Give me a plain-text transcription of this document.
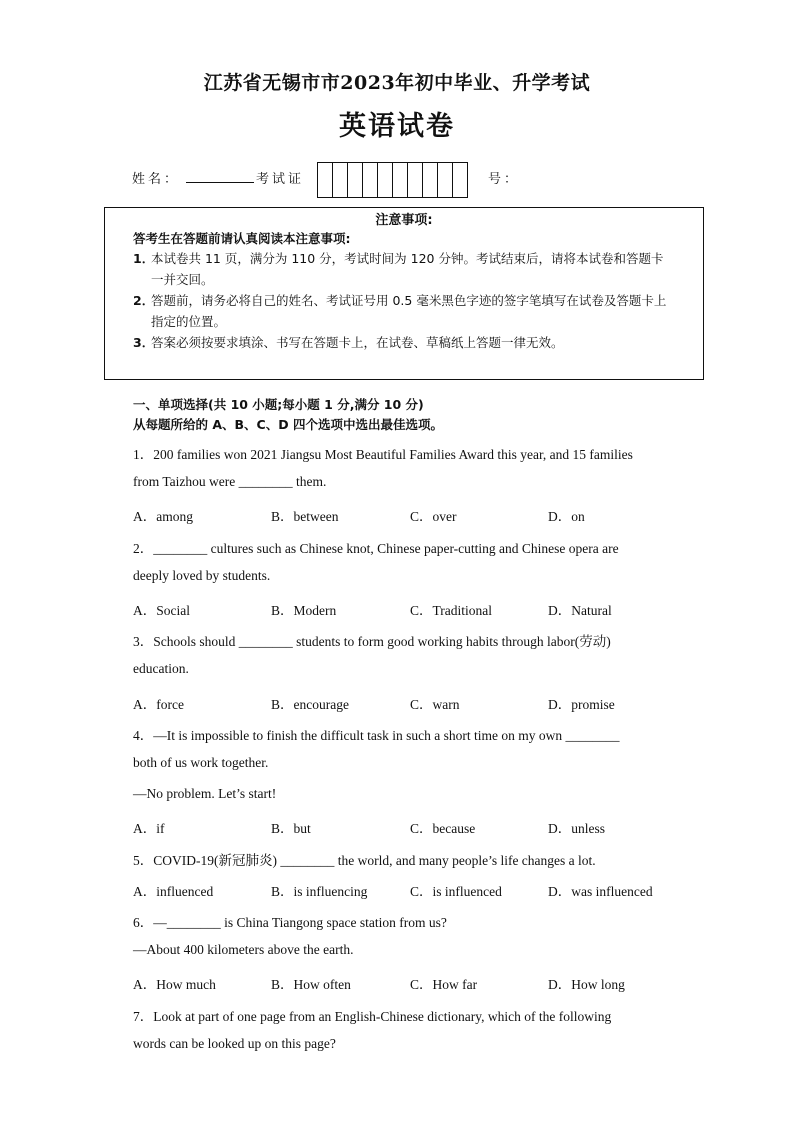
江苏省无锡市市2023年初中毕业、升学考试
英语试卷
姓名：	考试证	号：
注意事项:
答考生在答题前请认真阅读本注意事项:
1．
本试卷共 11 页，满分为 110 分，考试时间为 120 分钟。考试结束后，请将本试卷和答题卡一并交回。
2．
答题前，请务必将自己的姓名、考试证号用 0.5 毫米黑色字迹的签字笔填写在试卷及答题卡上指定的位置。
3．
答案必须按要求填涂、书写在答题卡上，在试卷、草稿纸上答题一律无效。
一、单项选择(共 10 小题;每小题 1 分,满分 10 分)
从每题所给的 A、B、C、D 四个选项中选出最佳选项。
1．200 families won 2021 Jiangsu Most Beautiful Families Award this year, and 15 families
from Taizhou were ________ them.
A．among	B．between	C．over	D．on
2．________ cultures such as Chinese knot, Chinese paper-cutting and Chinese opera are
deeply loved by students.
A．Social	B．Modern	C．Traditional	D．Natural
3．Schools should ________ students to form good working habits through labor(劳动)
education.
A．force	B．encourage	C．warn	D．promise
4．—It is impossible to finish the difficult task in such a short time on my own ________
both of us work together.
—No problem. Let’s start!
A．if	B．but	C．because	D．unless
5．COVID-19(新冠肺炎) ________ the world, and many people’s life changes a lot.
A．influenced	B．is influencing	C．is influenced	D．was influenced
6．—________ is China Tiangong space station from us?
—About 400 kilometers above the earth.
A．How much	B．How often	C．How far	D．How long
7．Look at part of one page from an English-Chinese dictionary, which of the following
words can be looked up on this page?
